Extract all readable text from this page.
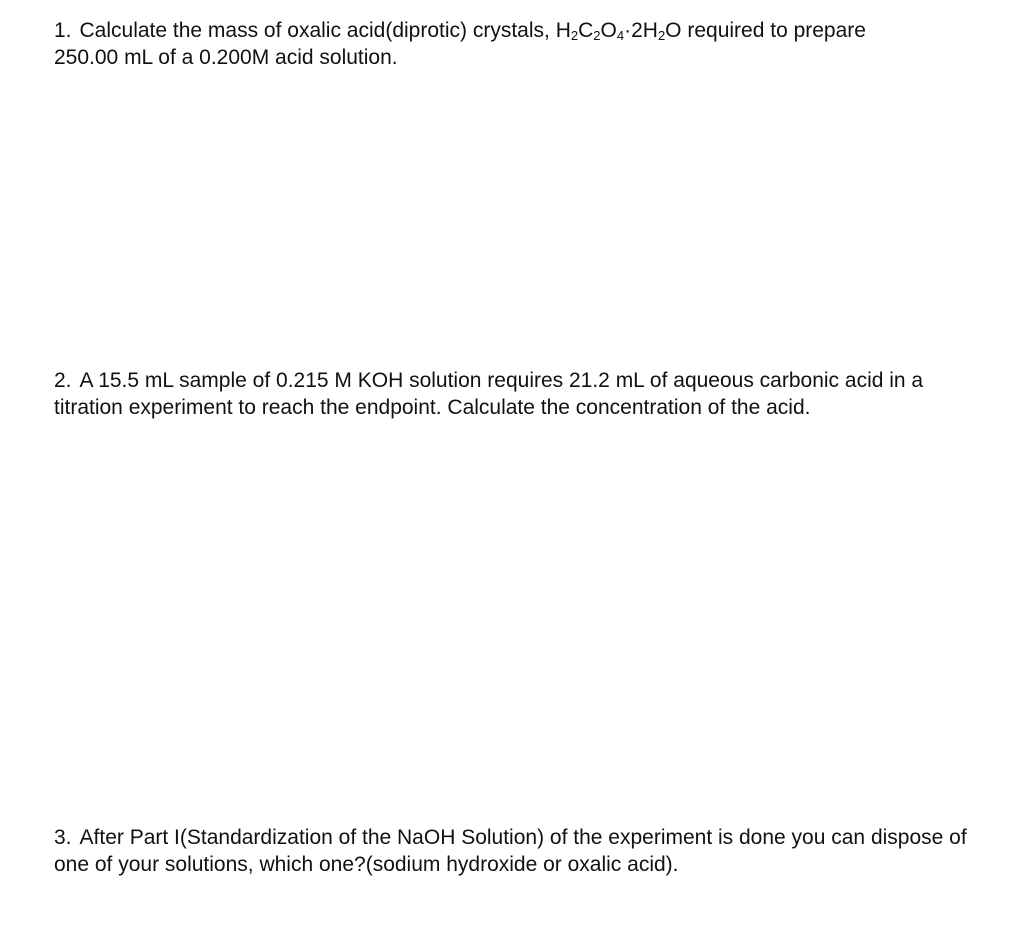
1. Calculate the mass of oxalic acid(diprotic) crystals, $H_2C_2O_4\cdot 2H_2O$ required to prepare
250.00 mL of a 0.200M acid solution.

2. A 15.5 mL sample of 0.215 M KOH solution requires 21.2 mL of aqueous carbonic acid in a titration experiment to reach the endpoint. Calculate the concentration of the acid.

3. After Part I(Standardization of the NaOH Solution) of the experiment is done you can dispose of one of your solutions, which one?(sodium hydroxide or oxalic acid).
